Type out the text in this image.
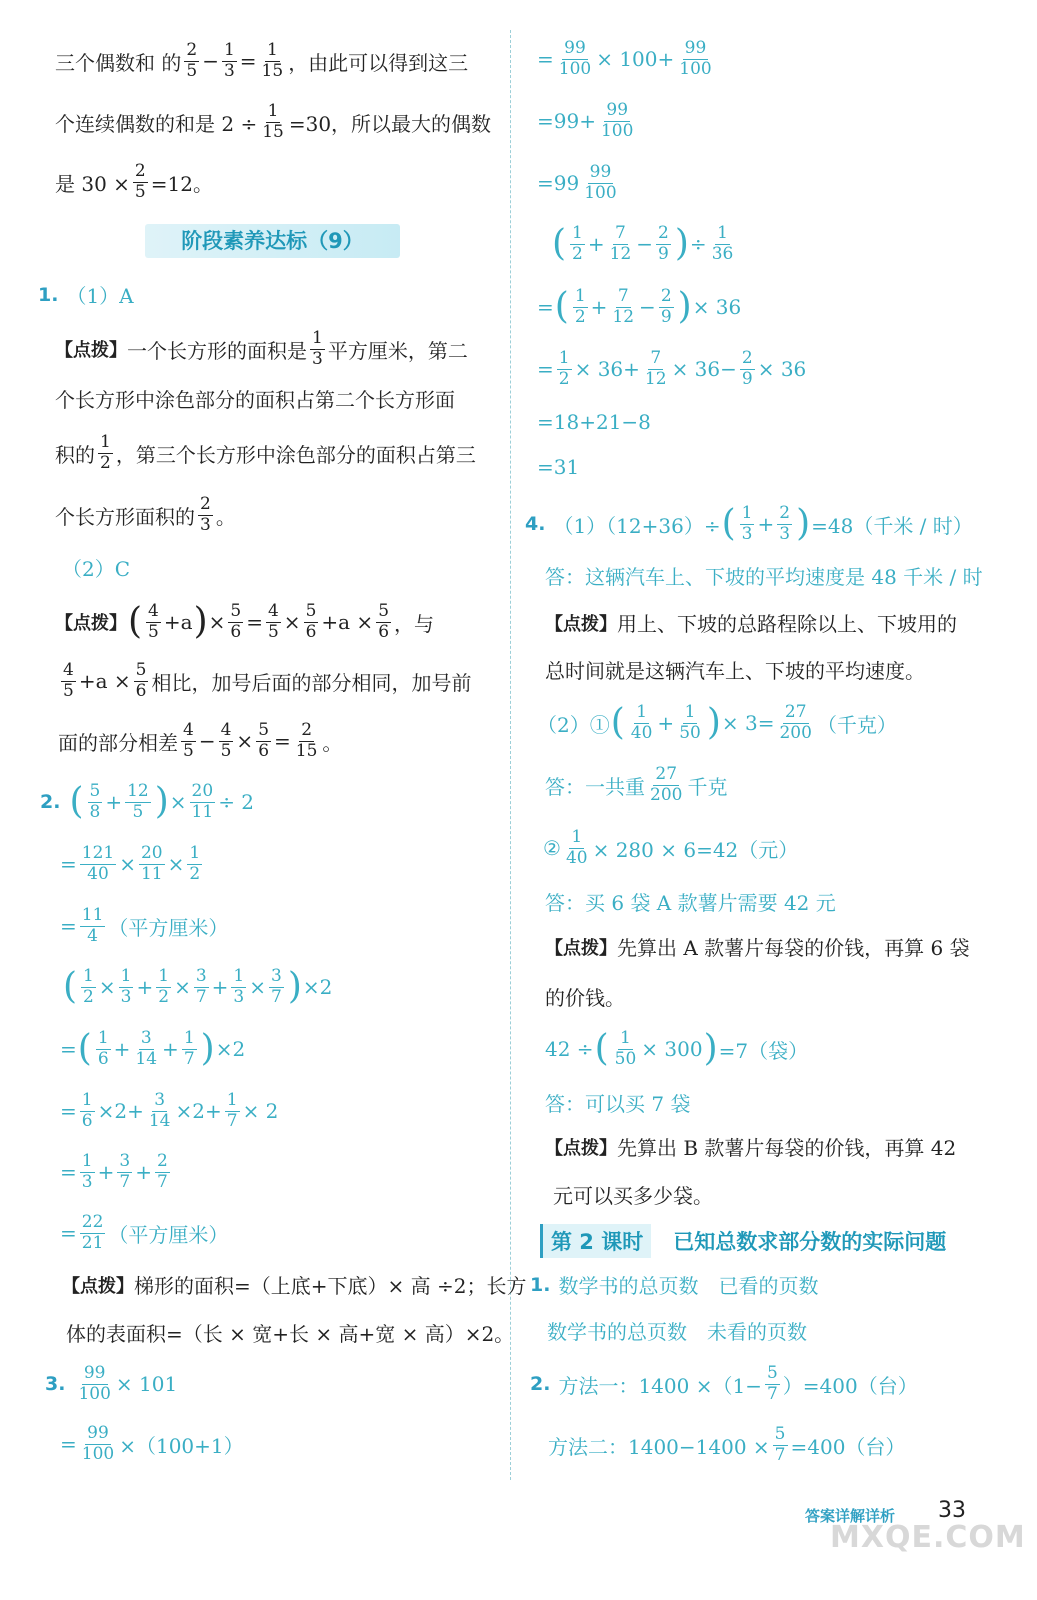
三个偶数和 的 $\frac{2}{5} - \frac{1}{3} = \frac{1}{15}$ ，由此可以得到这三
个连续偶数的和是 $2 \div \frac{1}{15} =30$，所以最大的偶数
是 $30 \times \frac{2}{5} =12$。
阶段素养达标（9）
1. （1）A
【点拨】 一个长方形的面积是 $\frac{1}{3}$ 平方厘米，第二
个长方形中涂色部分的面积占第二个长方形面
积的 $\frac{1}{2}$ ，第三个长方形中涂色部分的面积占第三
个长方形面积的 $\frac{2}{3}$ 。
（2）C
【点拨】 ( $\frac{4}{5} +a$ ) × $\frac{5}{6} = \frac{4}{5} \times \frac{5}{6} +a \times \frac{5}{6}$ ，与
$\frac{4}{5} +a \times \frac{5}{6}$ 相比，加号后面的部分相同，加号前
面的部分相差 $\frac{4}{5} - \frac{4}{5} \times \frac{5}{6} = \frac{2}{15}$ 。
2. ( $\frac{5}{8} + \frac{12}{5}$ ) × $\frac{20}{11} \div 2$
= $\frac{121}{40} \times \frac{20}{11} \times \frac{1}{2}$
= $\frac{11}{4}$ （平方厘米）
( $\frac{1}{2} \times \frac{1}{3} + \frac{1}{2} \times \frac{3}{7} + \frac{1}{3} \times \frac{3}{7}$ ) ×2
= ( $\frac{1}{6} + \frac{3}{14} + \frac{1}{7}$ ) ×2
= $\frac{1}{6} \times 2+ \frac{3}{14} \times 2+ \frac{1}{7} \times 2$
= $\frac{1}{3} + \frac{3}{7} + \frac{2}{7}$
= $\frac{22}{21}$ （平方厘米）
【点拨】 梯形的面积=（上底+下底）× 高 ÷2；长方
体的表面积=（长 × 宽+长 × 高+宽 × 高）×2。
3. $\frac{99}{100} \times 101$
= $\frac{99}{100} \times(100+1)$
= $\frac{99}{100} \times 100+ \frac{99}{100}$
$=99+ \frac{99}{100}$
$=99 \frac{99}{100}$
( $\frac{1}{2} + \frac{7}{12} - \frac{2}{9}$ ) ÷ $\frac{1}{36}$
= ( $\frac{1}{2} + \frac{7}{12} - \frac{2}{9}$ ) × 36
= $\frac{1}{2} \times 36+ \frac{7}{12} \times 36- \frac{2}{9} \times 36$
=18+21−8
=31
4. （1）（12+36）÷ ( $\frac{1}{3} + \frac{2}{3}$ ) =48（千米 / 时）
答：这辆汽车上、下坡的平均速度是 48 千米 / 时
【点拨】 用上、下坡的总路程除以上、下坡用的
总时间就是这辆汽车上、下坡的平均速度。
（2）① ( $\frac{1}{40} + \frac{1}{50}$ ) × $3= \frac{27}{200}$ （千克）
答：一共重 $\frac{27}{200}$ 千克
② $\frac{1}{40} \times 280 \times 6=42$（元）
答：买 6 袋 A 款薯片需要 42 元
【点拨】 先算出 A 款薯片每袋的价钱，再算 6 袋
的价钱。
42 ÷ ( $\frac{1}{50} \times 300$ ) =7（袋）
答：可以买 7 袋
【点拨】 先算出 B 款薯片每袋的价钱，再算 42
元可以买多少袋。
第 2 课时	已知总数求部分数的实际问题
1. 数学书的总页数 已看的页数
数学书的总页数 未看的页数
2. 方法一：$1400 \times(1- \frac{5}{7} )=400$（台）
方法二：$1400-1400 \times \frac{5}{7} =400$（台）
答案详解详析 33
MXQE.COM
